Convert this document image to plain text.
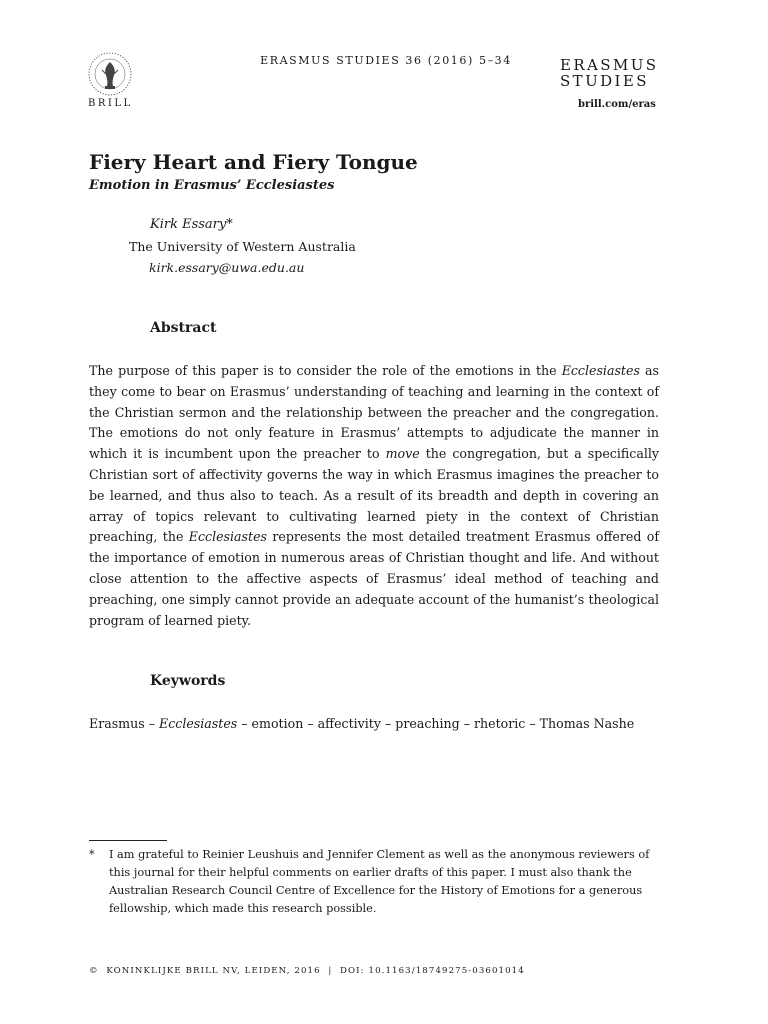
BRILL
ERASMUS STUDIES 36 (2016) 5–34	ERASMUS
STUDIES
brill.com/eras
Fiery Heart and Fiery Tongue
Emotion in Erasmus’ Ecclesiastes
Kirk Essary*
The University of Western Australia
kirk.essary@uwa.edu.au
Abstract
The purpose of this paper is to consider the role of the emotions in the Ecclesiastes as they come to bear on Erasmus’ understanding of teaching and learning in the context of the Christian sermon and the relationship between the preacher and the congregation. The emotions do not only feature in Erasmus’ attempts to adjudicate the manner in which it is incumbent upon the preacher to move the congregation, but a specifically Christian sort of affectivity governs the way in which Erasmus imagines the preacher to be learned, and thus also to teach. As a result of its breadth and depth in covering an array of topics relevant to cultivating learned piety in the context of Christian preaching, the Ecclesiastes represents the most detailed treatment Erasmus offered of the importance of emotion in numerous areas of Christian thought and life. And without close attention to the affective aspects of Erasmus’ ideal method of teaching and preaching, one simply cannot provide an adequate account of the humanist’s theological program of learned piety.
Keywords
Erasmus – Ecclesiastes – emotion – affectivity – preaching – rhetoric – Thomas Nashe
*	I am grateful to Reinier Leushuis and Jennifer Clement as well as the anonymous reviewers of this journal for their helpful comments on earlier drafts of this paper. I must also thank the Australian Research Council Centre of Excellence for the History of Emotions for a generous fellowship, which made this research possible.
© KONINKLIJKE BRILL NV, LEIDEN, 2016 | DOI: 10.1163/18749275-03601014
